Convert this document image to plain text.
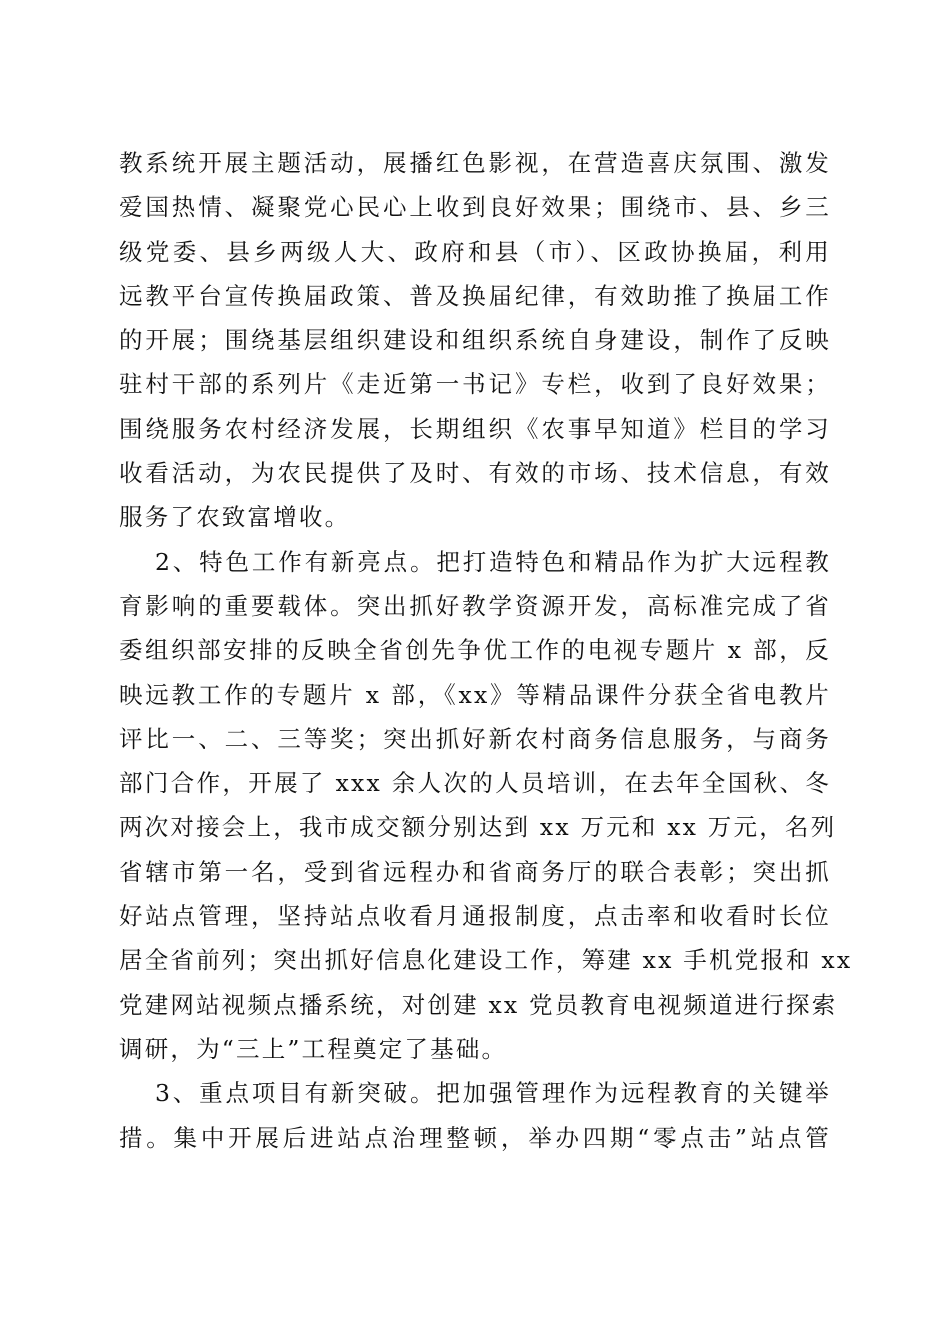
教系统开展主题活动，展播红色影视，在营造喜庆氛围、激发
爱国热情、凝聚党心民心上收到良好效果；围绕市、县、乡三
级党委、县乡两级人大、政府和县（市）、区政协换届，利用
远教平台宣传换届政策、普及换届纪律，有效助推了换届工作
的开展；围绕基层组织建设和组织系统自身建设，制作了反映
驻村干部的系列片《走近第一书记》专栏，收到了良好效果；
围绕服务农村经济发展，长期组织《农事早知道》栏目的学习
收看活动，为农民提供了及时、有效的市场、技术信息，有效
服务了农致富增收。
2、特色工作有新亮点。把打造特色和精品作为扩大远程教
育影响的重要载体。突出抓好教学资源开发，高标准完成了省
委组织部安排的反映全省创先争优工作的电视专题片 x 部，反
映远教工作的专题片 x 部，《xx》等精品课件分获全省电教片
评比一、二、三等奖；突出抓好新农村商务信息服务，与商务
部门合作，开展了 xxx 余人次的人员培训，在去年全国秋、冬
两次对接会上，我市成交额分别达到 xx 万元和 xx 万元，名列
省辖市第一名，受到省远程办和省商务厅的联合表彰；突出抓
好站点管理，坚持站点收看月通报制度，点击率和收看时长位
居全省前列；突出抓好信息化建设工作，筹建 xx 手机党报和 xx
党建网站视频点播系统，对创建 xx 党员教育电视频道进行探索
调研，为“三上”工程奠定了基础。
3、重点项目有新突破。把加强管理作为远程教育的关键举
措。集中开展后进站点治理整顿，举办四期“零点击”站点管
